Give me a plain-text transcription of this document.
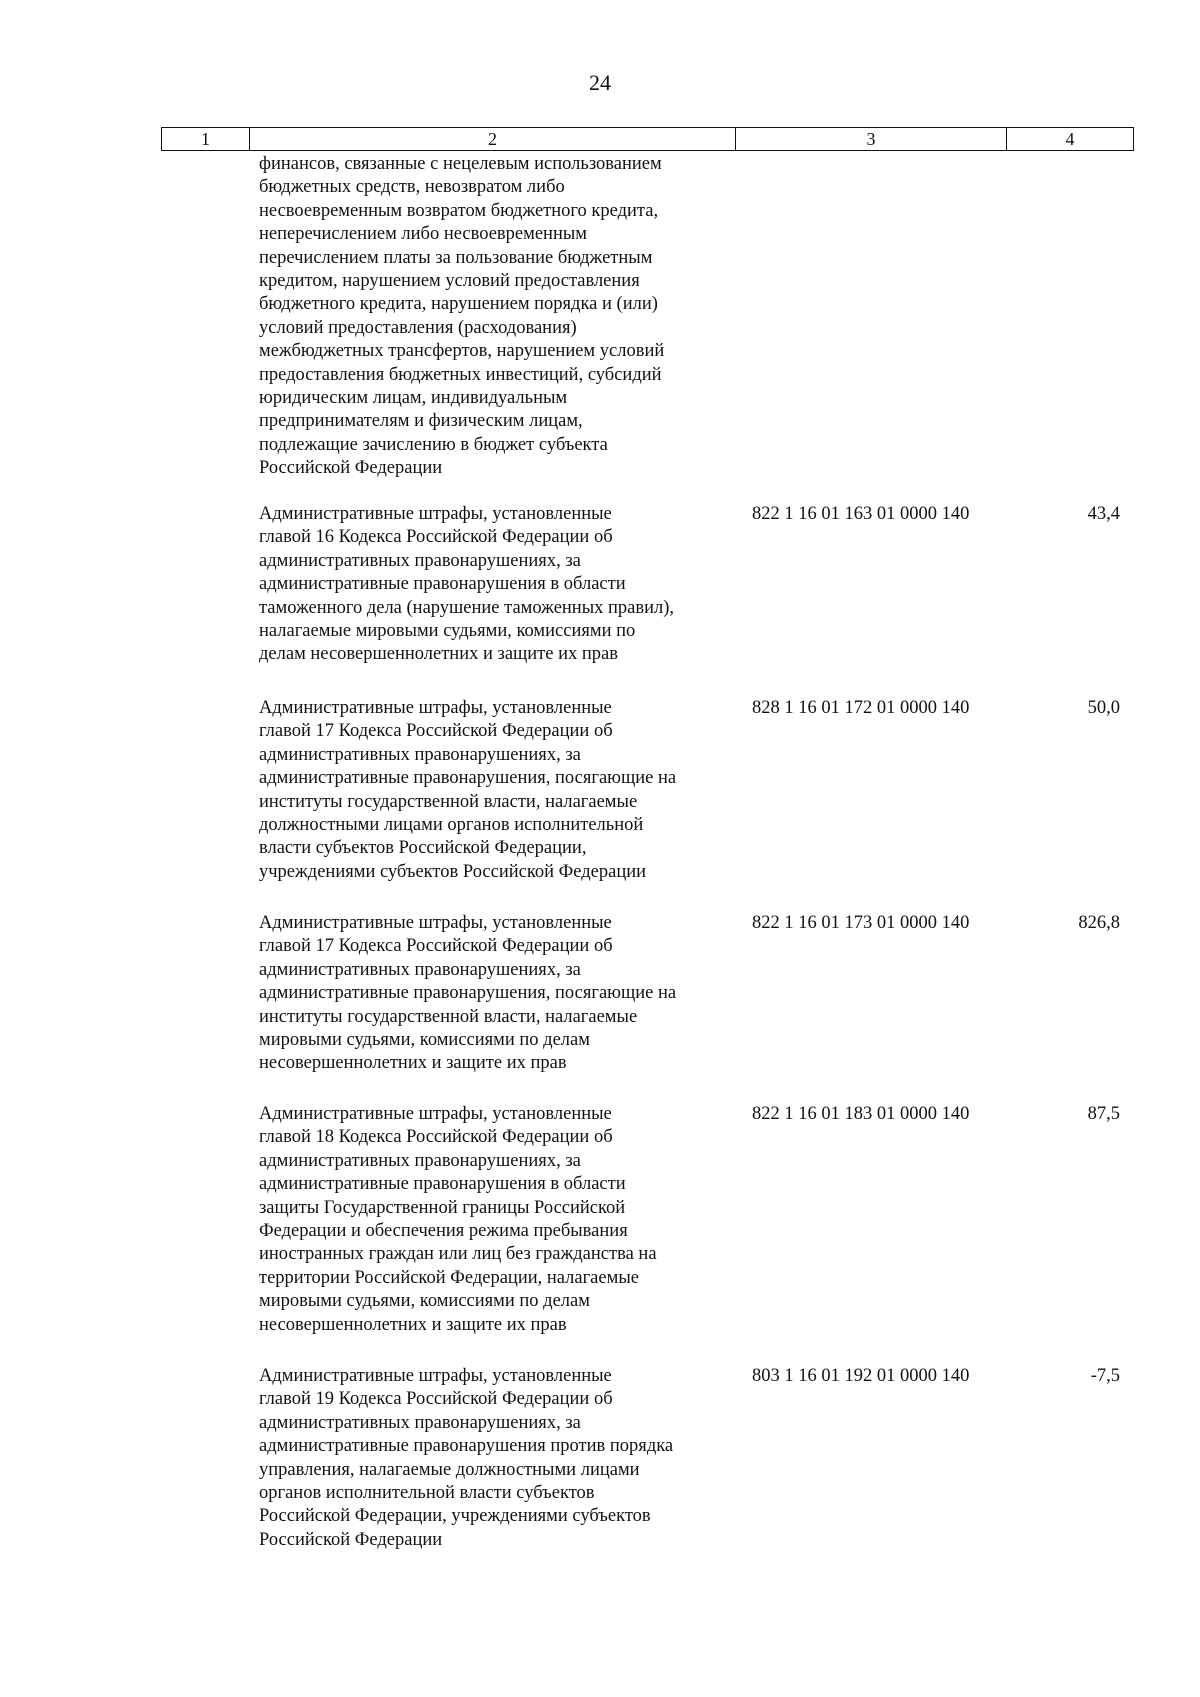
24
1	2	3	4
финансов, связанные с нецелевым использованием
бюджетных средств, невозвратом либо
несвоевременным возвратом бюджетного кредита,
неперечислением либо несвоевременным
перечислением платы за пользование бюджетным
кредитом, нарушением условий предоставления
бюджетного кредита, нарушением порядка и (или)
условий предоставления (расходования)
межбюджетных трансфертов, нарушением условий
предоставления бюджетных инвестиций, субсидий
юридическим лицам, индивидуальным
предпринимателям и физическим лицам,
подлежащие зачислению в бюджет субъекта
Российской Федерации
Административные штрафы, установленные
главой 16 Кодекса Российской Федерации об
административных правонарушениях, за
административные правонарушения в области
таможенного дела (нарушение таможенных правил),
налагаемые мировыми судьями, комиссиями по
делам несовершеннолетних и защите их прав
822 1 16 01 163 01 0000 140	43,4
Административные штрафы, установленные
главой 17 Кодекса Российской Федерации об
административных правонарушениях, за
административные правонарушения, посягающие на
институты государственной власти, налагаемые
должностными лицами органов исполнительной
власти субъектов Российской Федерации,
учреждениями субъектов Российской Федерации
828 1 16 01 172 01 0000 140	50,0
Административные штрафы, установленные
главой 17 Кодекса Российской Федерации об
административных правонарушениях, за
административные правонарушения, посягающие на
институты государственной власти, налагаемые
мировыми судьями, комиссиями по делам
несовершеннолетних и защите их прав
822 1 16 01 173 01 0000 140	826,8
Административные штрафы, установленные
главой 18 Кодекса Российской Федерации об
административных правонарушениях, за
административные правонарушения в области
защиты Государственной границы Российской
Федерации и обеспечения режима пребывания
иностранных граждан или лиц без гражданства на
территории Российской Федерации, налагаемые
мировыми судьями, комиссиями по делам
несовершеннолетних и защите их прав
822 1 16 01 183 01 0000 140	87,5
Административные штрафы, установленные
главой 19 Кодекса Российской Федерации об
административных правонарушениях, за
административные правонарушения против порядка
управления, налагаемые должностными лицами
органов исполнительной власти субъектов
Российской Федерации, учреждениями субъектов
Российской Федерации
803 1 16 01 192 01 0000 140	-7,5
